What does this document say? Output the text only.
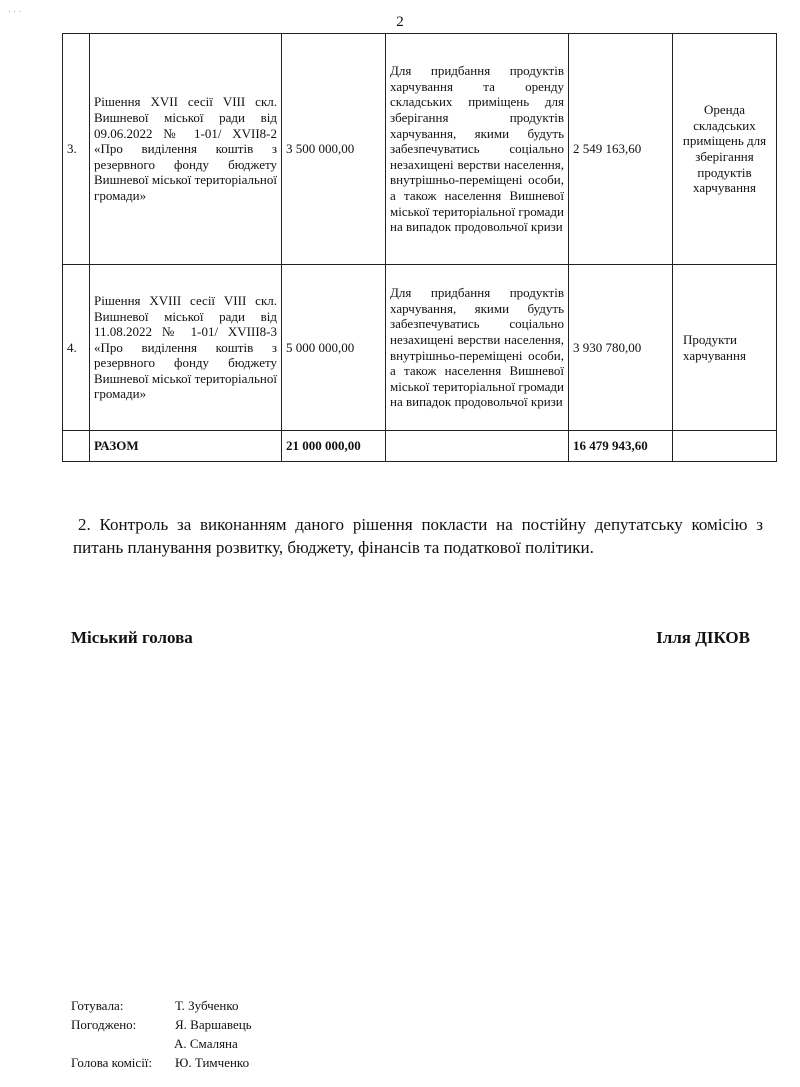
⸱ ⸱ ⸱
2
3.	Рішення XVII сесії VIII скл. Вишневої міської ради від 09.06.2022 № 1-01/ XVII8-2 «Про виділення коштів з резервного фонду бюджету Вишневої міської територіальної громади»	3 500 000,00	Для придбання продуктів харчування та оренду складських приміщень для зберігання продуктів харчування, якими будуть забезпечуватись соціально незахищені верстви населення, внутрішньо-переміщені особи, а також населення Вишневої міської територіальної громади на випадок продовольчої кризи	2 549 163,60	Оренда складських приміщень для зберігання продуктів харчування
4.	Рішення XVIII сесії VIII скл. Вишневої міської ради від 11.08.2022 № 1-01/ XVIII8-3 «Про виділення коштів з резервного фонду бюджету Вишневої міської територіальної громади»	5 000 000,00	Для придбання продуктів харчування, якими будуть забезпечуватись соціально незахищені верстви населення, внутрішньо-переміщені особи, а також населення Вишневої міської територіальної громади на випадок продовольчої кризи	3 930 780,00	Продукти харчування
	РАЗОМ	21 000 000,00		16 479 943,60	
2. Контроль за виконанням даного рішення покласти на постійну депутатську комісію з питань планування розвитку, бюджету, фінансів та податкової політики.
Міський голова	Ілля ДІКОВ
Готувала:	Т. Зубченко
Погоджено:	Я. Варшавець
А. Смаляна
Голова комісії:	Ю. Тимченко
